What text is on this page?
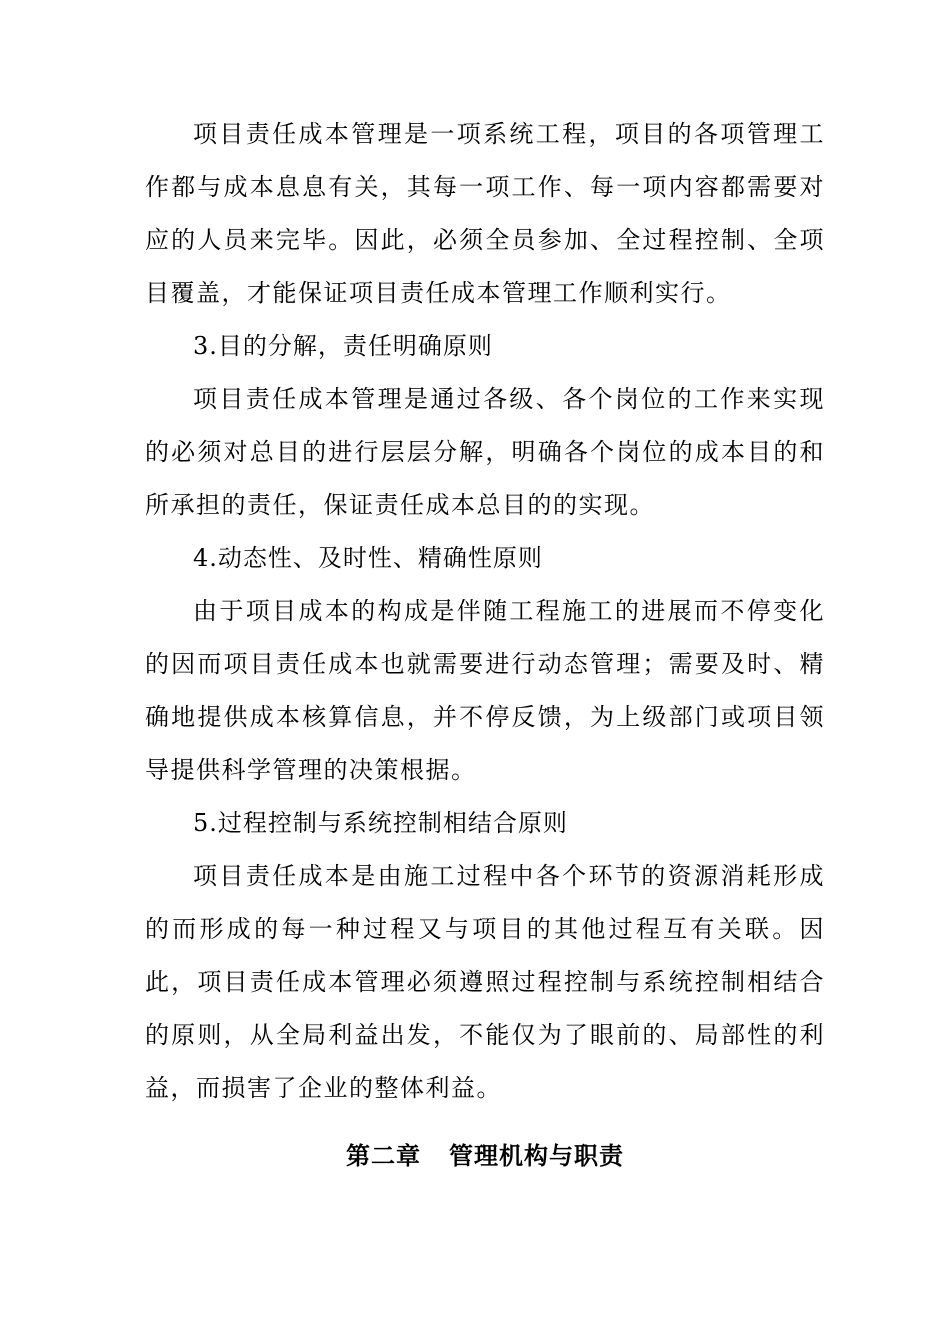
项目责任成本管理是一项系统工程，项目的各项管理工作都与成本息息有关，其每一项工作、每一项内容都需要对应的人员来完毕。因此，必须全员参加、全过程控制、全项目覆盖，才能保证项目责任成本管理工作顺利实行。

3.目的分解，责任明确原则

项目责任成本管理是通过各级、各个岗位的工作来实现的必须对总目的进行层层分解，明确各个岗位的成本目的和所承担的责任，保证责任成本总目的的实现。

4.动态性、及时性、精确性原则

由于项目成本的构成是伴随工程施工的进展而不停变化的因而项目责任成本也就需要进行动态管理；需要及时、精确地提供成本核算信息，并不停反馈，为上级部门或项目领导提供科学管理的决策根据。

5.过程控制与系统控制相结合原则

项目责任成本是由施工过程中各个环节的资源消耗形成的而形成的每一种过程又与项目的其他过程互有关联。因此，项目责任成本管理必须遵照过程控制与系统控制相结合的原则，从全局利益出发，不能仅为了眼前的、局部性的利益，而损害了企业的整体利益。

第二章 管理机构与职责
